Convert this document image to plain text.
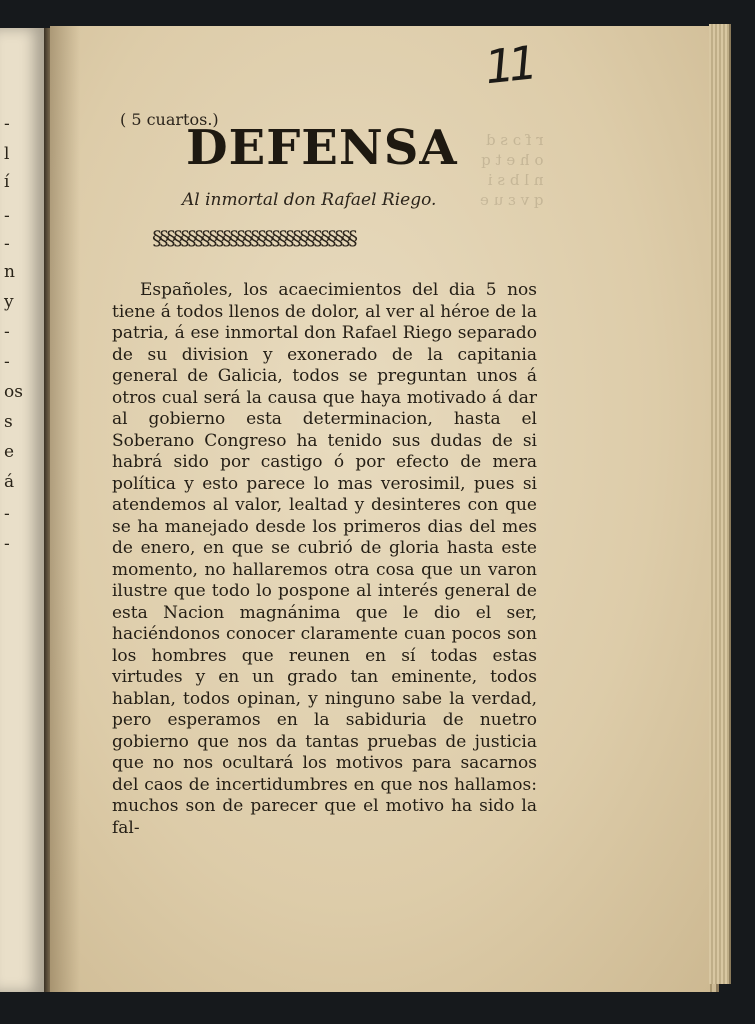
-
l
í
-
-
n
y
-
-
os
s
e
á
-
-
r f ɔ s d
o h e t q
n l b s i
q v ɛ u e
11
( 5 cuartos.)
DEFENSA
Al inmortal don Rafael Riego.
§§§§§§§§§§§§§§§§§§§§§§§§§§§§§
Españoles, los acaecimientos del dia 5 nos tiene á todos llenos de dolor, al ver al héroe de la patria, á ese inmortal don Rafael Riego separado de su division y exonerado de la capitania general de Galicia, todos se preguntan unos á otros cual será la causa que haya motivado á dar al gobierno esta determinacion, hasta el Soberano Congreso ha tenido sus dudas de si habrá sido por castigo ó por efecto de mera política y esto parece lo mas verosimil, pues si atendemos al valor, lealtad y desinteres con que se ha manejado desde los primeros dias del mes de enero, en que se cubrió de gloria hasta este momento, no hallaremos otra cosa que un varon ilustre que todo lo pospone al interés general de esta Nacion magnánima que le dio el ser, haciéndonos conocer claramente cuan pocos son los hombres que reunen en sí todas estas virtudes y en un grado tan eminente, todos hablan, todos opinan, y ninguno sabe la verdad, pero esperamos en la sabiduria de nuetro gobierno que nos da tantas pruebas de justicia que no nos ocultará los motivos para sacarnos del caos de incertidumbres en que nos hallamos: muchos son de parecer que el motivo ha sido la fal-
